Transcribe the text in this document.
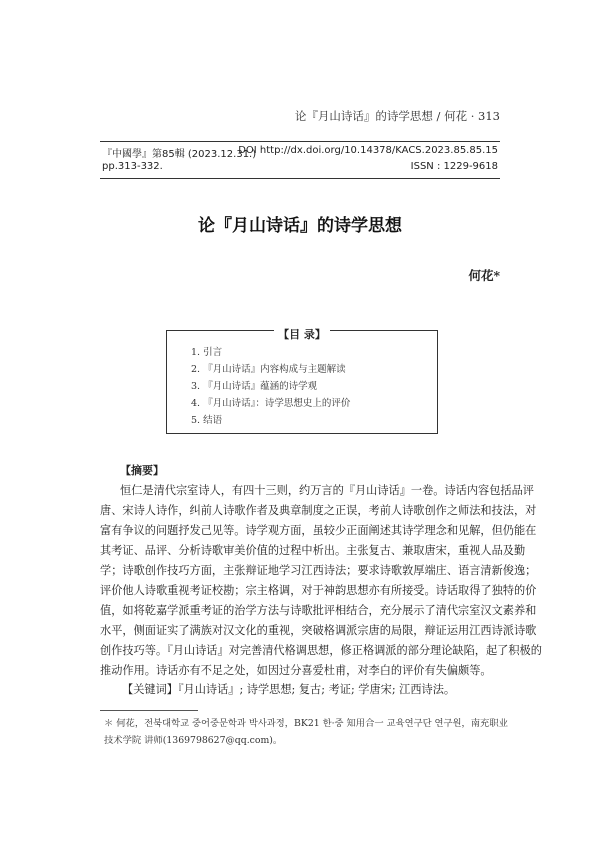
论『月山诗话』的诗学思想 / 何花 · 313
『中國學』第85輯 (2023.12.31.)
DOI http://dx.doi.org/10.14378/KACS.2023.85.85.15
pp.313-332.	ISSN : 1229-9618
论『月山诗话』的诗学思想
何花*
【目 录】
1. 引言
2. 『月山诗话』内容构成与主题解读
3. 『月山诗话』蕴涵的诗学观
4. 『月山诗话』：诗学思想史上的评价
5. 结语
【摘要】
恒仁是清代宗室诗人，有四十三则，约万言的『月山诗话』一卷。诗话内容包括品评
唐、宋诗人诗作，纠前人诗歌作者及典章制度之正误，考前人诗歌创作之师法和技法，对
富有争议的问题抒发己见等。诗学观方面，虽较少正面阐述其诗学理念和见解，但仍能在
其考证、品评、分析诗歌审美价值的过程中析出。主张复古、兼取唐宋，重视人品及勤
学；诗歌创作技巧方面，主张辩证地学习江西诗法；要求诗歌敦厚端庄、语言清新俊逸；
评价他人诗歌重视考证校勘；宗主格调，对于神韵思想亦有所接受。诗话取得了独特的价
值，如将乾嘉学派重考证的治学方法与诗歌批评相结合，充分展示了清代宗室汉文素养和
水平，侧面证实了满族对汉文化的重视，突破格调派宗唐的局限，辩证运用江西诗派诗歌
创作技巧等。『月山诗话』对完善清代格调思想，修正格调派的部分理论缺陷，起了积极的
推动作用。诗话亦有不足之处，如因过分喜爱杜甫，对李白的评价有失偏颇等。
【关键词】『月山诗话』; 诗学思想; 复古; 考证; 学唐宋; 江西诗法。
＊ 何花，전북대학교 중어중문학과 박사과정，BK21 한·중 知用合一 교육연구단 연구원，南充职业
技术学院 讲师(1369798627@qq.com)。
